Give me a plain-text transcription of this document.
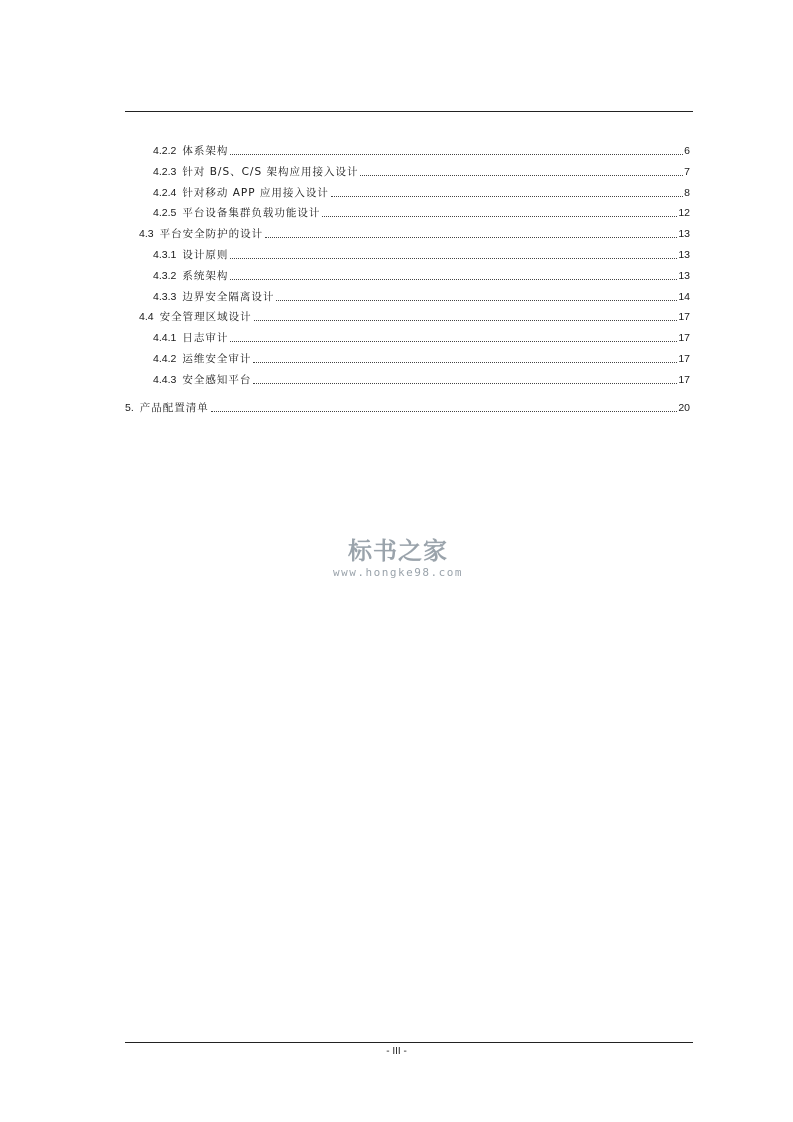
4.2.2 体系架构	6
4.2.3 针对 B/S、C/S 架构应用接入设计	7
4.2.4 针对移动 APP 应用接入设计	8
4.2.5 平台设备集群负载功能设计	12
4.3 平台安全防护的设计	13
4.3.1 设计原则	13
4.3.2 系统架构	13
4.3.3 边界安全隔离设计	14
4.4 安全管理区域设计	17
4.4.1 日志审计	17
4.4.2 运维安全审计	17
4.4.3 安全感知平台	17
5. 产品配置清单	20
标书之家
www.hongke98.com
- III -
